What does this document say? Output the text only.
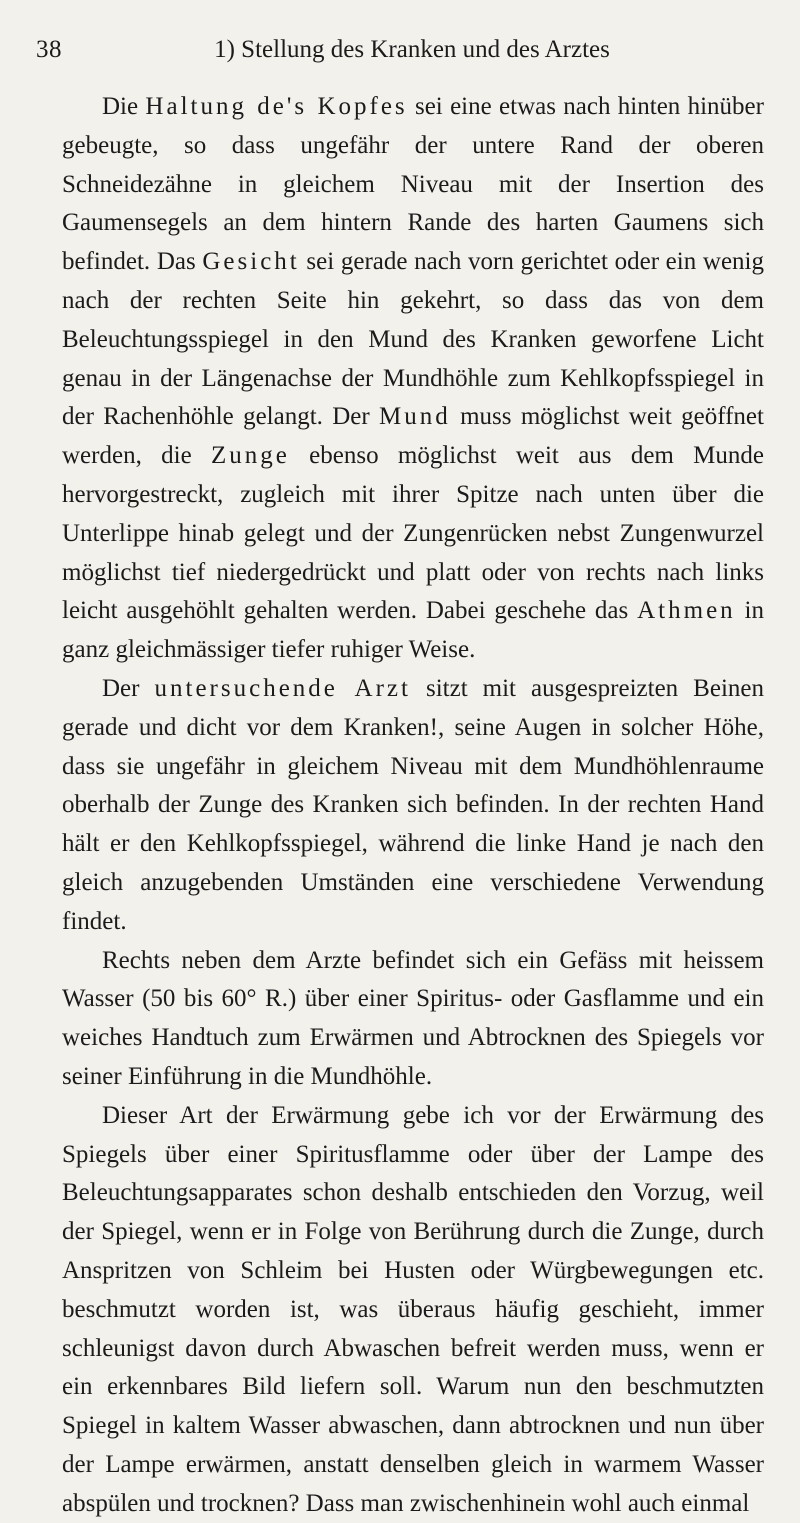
38	1) Stellung des Kranken und des Arztes

Die Haltung de's Kopfes sei eine etwas nach hinten hinüber gebeugte, so dass ungefähr der untere Rand der oberen Schneidezähne in gleichem Niveau mit der Insertion des Gaumensegels an dem hintern Rande des harten Gaumens sich befindet. Das Gesicht sei gerade nach vorn gerichtet oder ein wenig nach der rechten Seite hin gekehrt, so dass das von dem Beleuchtungsspiegel in den Mund des Kranken geworfene Licht genau in der Längenachse der Mundhöhle zum Kehlkopfsspiegel in der Rachenhöhle gelangt. Der Mund muss möglichst weit geöffnet werden, die Zunge ebenso möglichst weit aus dem Munde hervorgestreckt, zugleich mit ihrer Spitze nach unten über die Unterlippe hinab gelegt und der Zungenrücken nebst Zungenwurzel möglichst tief niedergedrückt und platt oder von rechts nach links leicht ausgehöhlt gehalten werden. Dabei geschehe das Athmen in ganz gleichmässiger tiefer ruhiger Weise.

Der untersuchende Arzt sitzt mit ausgespreizten Beinen gerade und dicht vor dem Kranken!, seine Augen in solcher Höhe, dass sie ungefähr in gleichem Niveau mit dem Mundhöhlenraume oberhalb der Zunge des Kranken sich befinden. In der rechten Hand hält er den Kehlkopfsspiegel, während die linke Hand je nach den gleich anzugebenden Umständen eine verschiedene Verwendung findet.

Rechts neben dem Arzte befindet sich ein Gefäss mit heissem Wasser (50 bis 60° R.) über einer Spiritus- oder Gasflamme und ein weiches Handtuch zum Erwärmen und Abtrocknen des Spiegels vor seiner Einführung in die Mundhöhle.

Dieser Art der Erwärmung gebe ich vor der Erwärmung des Spiegels über einer Spiritusflamme oder über der Lampe des Beleuchtungsapparates schon deshalb entschieden den Vorzug, weil der Spiegel, wenn er in Folge von Berührung durch die Zunge, durch Anspritzen von Schleim bei Husten oder Würgbewegungen etc. beschmutzt worden ist, was überaus häufig geschieht, immer schleunigst davon durch Abwaschen befreit werden muss, wenn er ein erkennbares Bild liefern soll. Warum nun den beschmutzten Spiegel in kaltem Wasser abwaschen, dann abtrocknen und nun über der Lampe erwärmen, anstatt denselben gleich in warmem Wasser abspülen und trocknen? Dass man zwischenhinein wohl auch einmal
